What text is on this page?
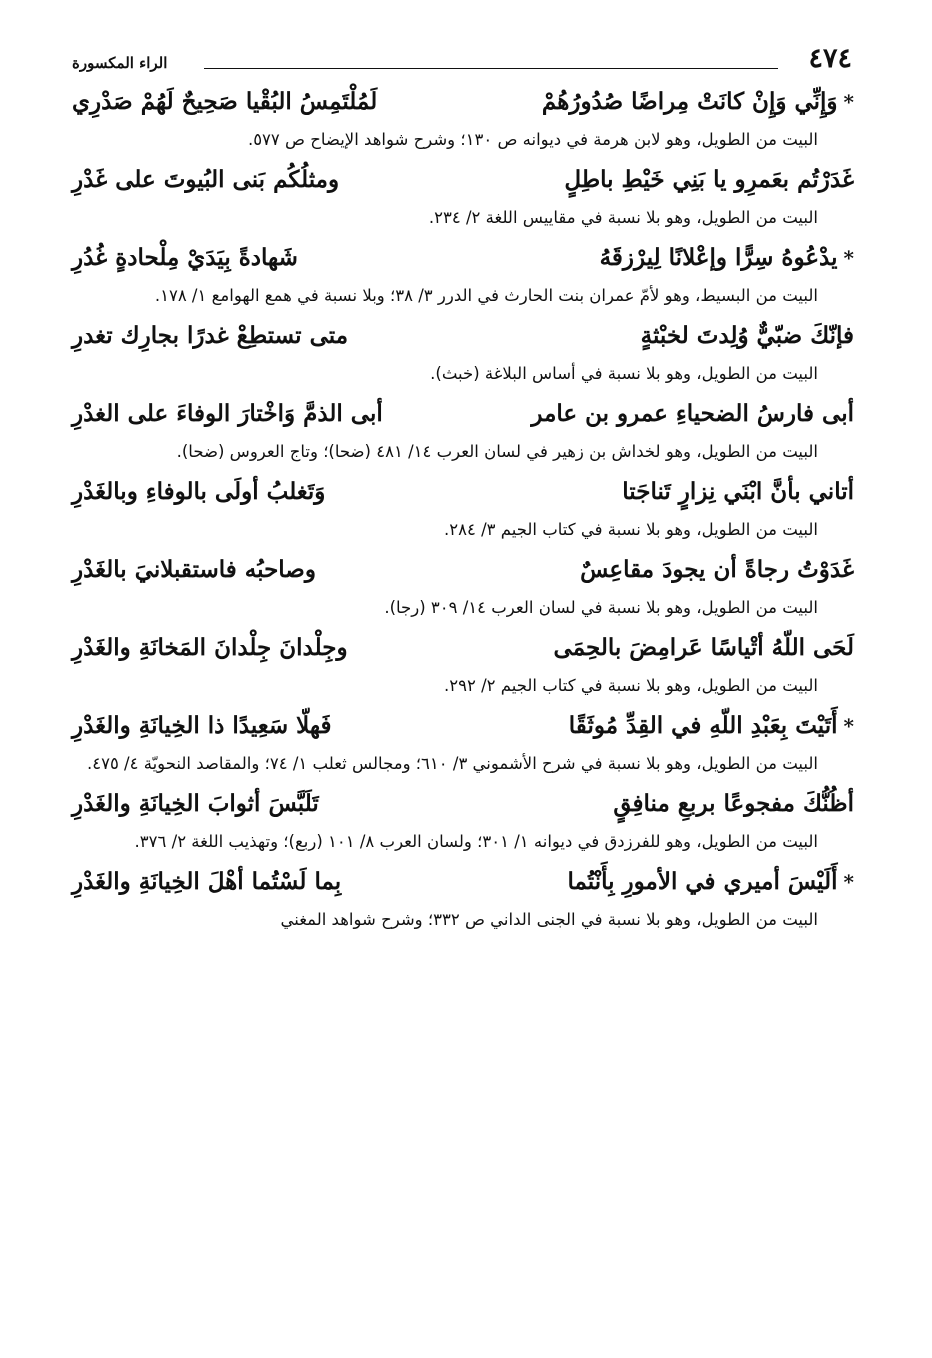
٤٧٤
الراء المكسورة
*وَإِنِّي وَإِنْ كانَتْ مِراضًا صُدُورُهُمْ
لَمُلْتَمِسُ البُقْيا صَحِيحٌ لَهُمْ صَدْرِي
البيت من الطويل، وهو لابن هرمة في ديوانه ص ١٣٠؛ وشرح شواهد الإيضاح ص ٥٧٧.
غَدَرْتُم بعَمرِو يا بَنِي خَيْطِ باطِلٍ
ومثلُكُم بَنى البُيوتَ على غَدْرِ
البيت من الطويل، وهو بلا نسبة في مقاييس اللغة ٢/ ٢٣٤.
*يدْعُوهُ سِرًّا وإعْلانًا لِيرْزقَهُ
شَهادةً بِيَدَيْ مِلْحادةٍ غُدُرِ
البيت من البسيط، وهو لأمّ عمران بنت الحارث في الدرر ٣/ ٣٨؛ وبلا نسبة في همع الهوامع ١/ ١٧٨.
فإنّكَ ضبّيٌّ وُلِدتَ لخبْثةٍ
متى تستطِعْ غدرًا بجارِك تغدرِ
البيت من الطويل، وهو بلا نسبة في أساس البلاغة (خبث).
أبى فارسُ الضحياءِ عمرو بن عامر
أبى الذمَّ وَاخْتارَ الوفاءَ على الغدْرِ
البيت من الطويل، وهو لخداش بن زهير في لسان العرب ١٤/ ٤٨١ (ضحا)؛ وتاج العروس (ضحا).
أتاني بأنَّ ابْنَي نِزارٍ تَناجَتا
وَتَغلبُ أولَى بالوفاءِ وبالغَدْرِ
البيت من الطويل، وهو بلا نسبة في كتاب الجيم ٣/ ٢٨٤.
غَدَوْتُ رجاةً أن يجودَ مقاعِسٌ
وصاحبُه فاستقبلانيَ بالغَدْرِ
البيت من الطويل، وهو بلا نسبة في لسان العرب ١٤/ ٣٠٩ (رجا).
لَحَى اللّهُ أتْياسًا عَرامِضَ بالحِمَى
وجِلْدانَ جِلْدانَ المَخانَةِ والغَدْرِ
البيت من الطويل، وهو بلا نسبة في كتاب الجيم ٢/ ٢٩٢.
*أَتَيْتَ بِعَبْدِ اللّهِ في القِدِّ مُوثَقًا
فَهلّا سَعِيدًا ذا الخِيانَةِ والغَدْرِ
البيت من الطويل، وهو بلا نسبة في شرح الأشموني ٣/ ٦١٠؛ ومجالس ثعلب ١/ ٧٤؛ والمقاصد النحويّة ٤/ ٤٧٥.
أظُنُّكَ مفجوعًا بربعِ منافِقٍ
تَلَبَّسَ أثوابَ الخِيانَةِ والغَدْرِ
البيت من الطويل، وهو للفرزدق في ديوانه ١/ ٣٠١؛ ولسان العرب ٨/ ١٠١ (ربع)؛ وتهذيب اللغة ٢/ ٣٧٦.
*أَلَيْسَ أميري في الأمورِ بِأَنْتُما
بِما لَسْتُما أهْلَ الخِيانَةِ والغَدْرِ
البيت من الطويل، وهو بلا نسبة في الجنى الداني ص ٣٣٢؛ وشرح شواهد المغني
